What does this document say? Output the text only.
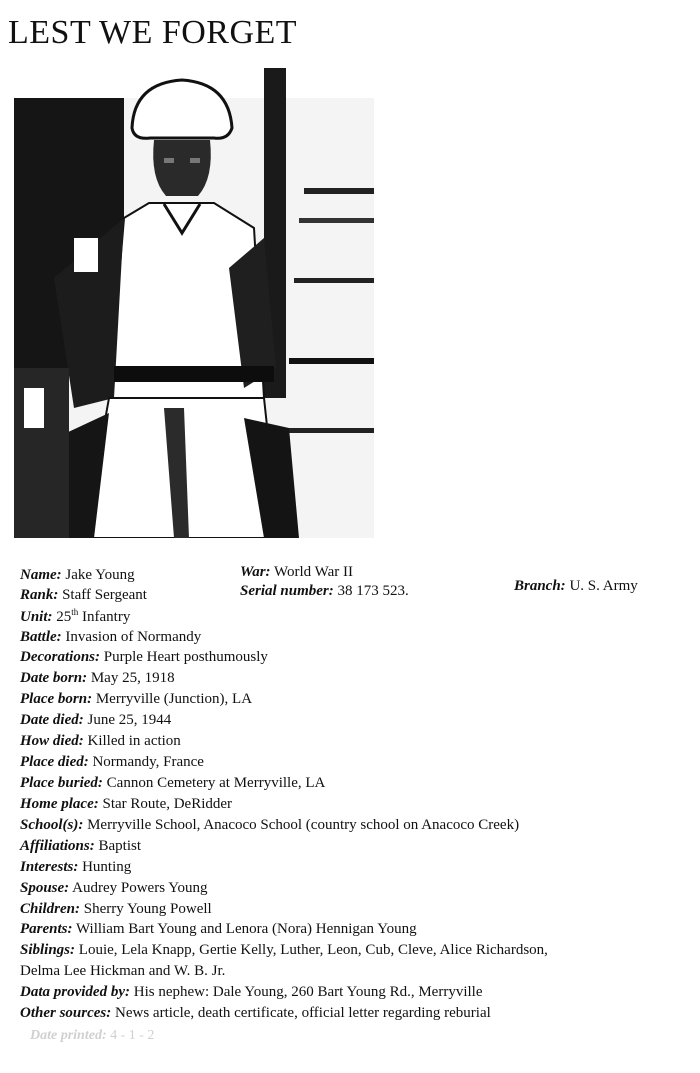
LEST WE FORGET
Name: Jake Young	War: World War II
Rank: Staff Sergeant	Serial number: 38 173 523.	Branch: U. S. Army
Unit: 25th Infantry
Battle: Invasion of Normandy
Decorations: Purple Heart posthumously
Date born: May 25, 1918
Place born: Merryville (Junction), LA
Date died: June 25, 1944
How died: Killed in action
Place died: Normandy, France
Place buried: Cannon Cemetery at Merryville, LA
Home place: Star Route, DeRidder
School(s): Merryville School, Anacoco School (country school on Anacoco Creek)
Affiliations: Baptist
Interests: Hunting
Spouse: Audrey Powers Young
Children: Sherry Young Powell
Parents: William Bart Young and Lenora (Nora) Hennigan Young
Siblings: Louie, Lela Knapp, Gertie Kelly, Luther, Leon, Cub, Cleve, Alice Richardson,
Delma Lee Hickman and W. B. Jr.
Data provided by: His nephew: Dale Young, 260 Bart Young Rd., Merryville
Other sources: News article, death certificate, official letter regarding reburial
Date printed: 4 - 1 - 2
